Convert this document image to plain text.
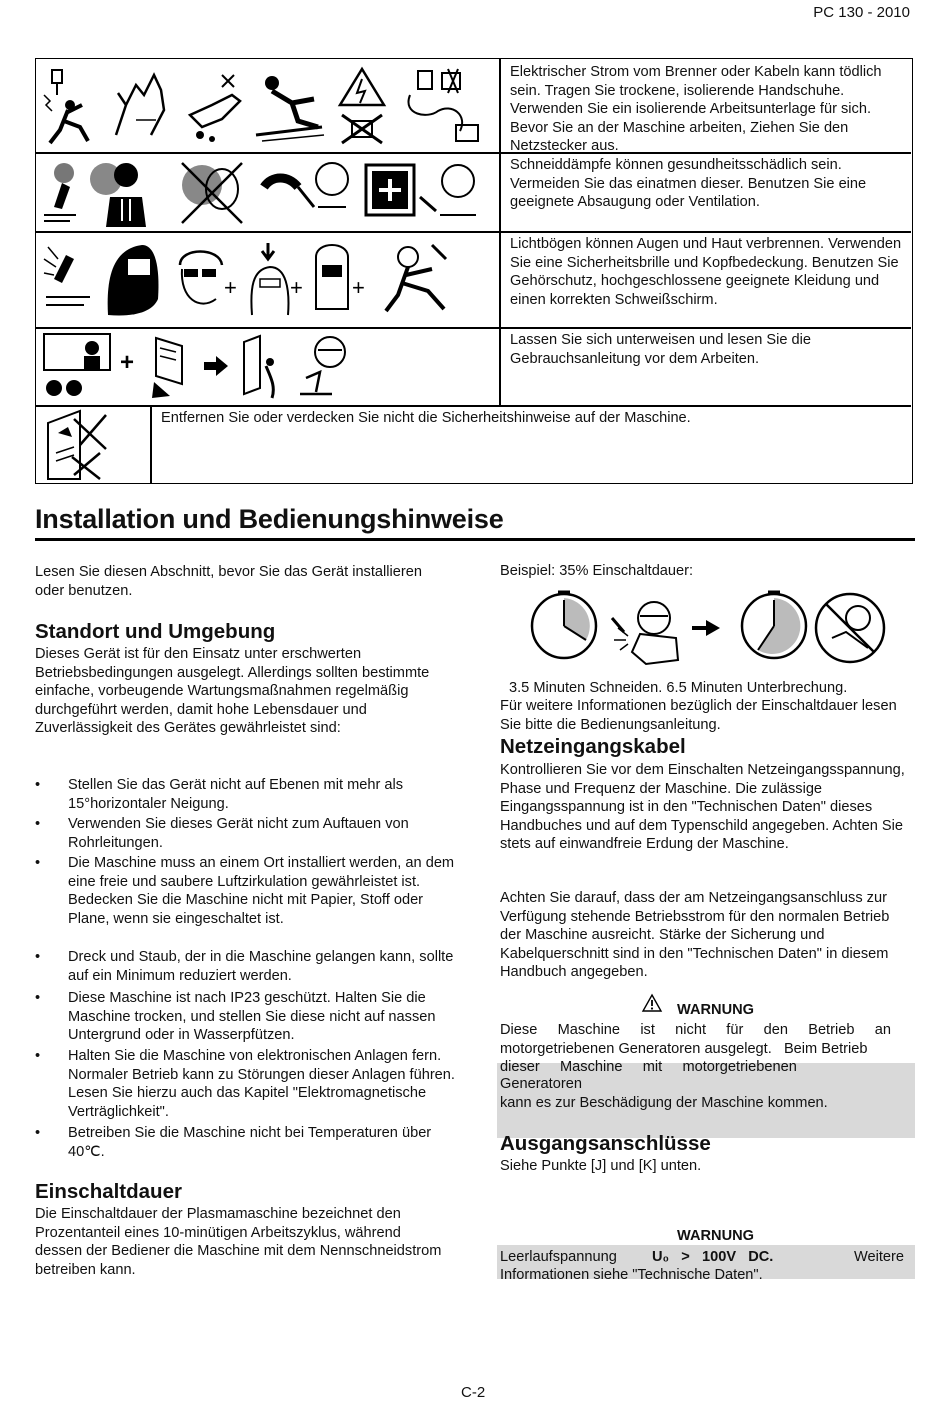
PC 130 - 2010
Elektrischer Strom vom Brenner oder Kabeln kann tödlich sein. Tragen Sie trockene, isolierende Handschuhe. Verwenden Sie ein isolierende Arbeitsunterlage für sich. Bevor Sie an der Maschine arbeiten, Ziehen Sie den Netzstecker aus.
Schneiddämpfe können gesundheitsschädlich sein. Vermeiden Sie das einatmen dieser. Benutzen Sie eine geeignete Absaugung oder Ventilation.
+ + +
Lichtbögen können Augen und Haut verbrennen. Verwenden Sie eine Sicherheitsbrille und Kopfbedeckung. Benutzen Sie Gehörschutz, hochgeschlossene geeignete Kleidung und einen korrekten Schweißschirm.
+
Lassen Sie sich unterweisen und lesen Sie die Gebrauchsanleitung vor dem Arbeiten.
Entfernen Sie oder verdecken Sie nicht die Sicherheitshinweise auf der Maschine.
Installation und Bedienungshinweise
Lesen Sie diesen Abschnitt, bevor Sie das Gerät installieren oder benutzen.
Standort und Umgebung
Dieses Gerät ist für den Einsatz unter erschwerten Betriebsbedingungen ausgelegt. Allerdings sollten bestimmte einfache, vorbeugende Wartungsmaßnahmen regelmäßig durchgeführt werden, damit hohe Lebensdauer und Zuverlässigkeit des Gerätes gewährleistet sind:
• Stellen Sie das Gerät nicht auf Ebenen mit mehr als 15°horizontaler Neigung.
• Verwenden Sie dieses Gerät nicht zum Auftauen von Rohrleitungen.
• Die Maschine muss an einem Ort installiert werden, an dem eine freie und saubere Luftzirkulation gewährleistet ist. Bedecken Sie die Maschine nicht mit Papier, Stoff oder Plane, wenn sie eingeschaltet ist.
• Dreck und Staub, der in die Maschine gelangen kann, sollte auf ein Minimum reduziert werden.
• Diese Maschine ist nach IP23 geschützt. Halten Sie die Maschine trocken, und stellen Sie diese nicht auf nassen Untergrund oder in Wasserpfützen.
• Halten Sie die Maschine von elektronischen Anlagen fern. Normaler Betrieb kann zu Störungen dieser Anlagen führen. Lesen Sie hierzu auch das Kapitel "Elektromagnetische Verträglichkeit".
• Betreiben Sie die Maschine nicht bei Temperaturen über 40℃.
Einschaltdauer
Die Einschaltdauer der Plasmamaschine bezeichnet den Prozentanteil eines 10-minütigen Arbeitszyklus, während dessen der Bediener die Maschine mit dem Nennschneidstrom betreiben kann.
Beispiel: 35% Einschaltdauer:
3.5 Minuten Schneiden. 6.5 Minuten Unterbrechung.
Für weitere Informationen bezüglich der Einschaltdauer lesen Sie bitte die Bedienungsanleitung.
Netzeingangskabel
Kontrollieren Sie vor dem Einschalten Netzeingangsspannung, Phase und Frequenz der Maschine. Die zulässige Eingangsspannung ist in den "Technischen Daten" dieses Handbuches und auf dem Typenschild angegeben. Achten Sie stets auf einwandfreie Erdung der Maschine.
Achten Sie darauf, dass der am Netzeingangsanschluss zur Verfügung stehende Betriebsstrom für den normalen Betrieb der Maschine ausreicht. Stärke der Sicherung und Kabelquerschnitt sind in den "Technischen Daten" in diesem Handbuch angegeben.
WARNUNG
Diese     Maschine     ist     nicht     für     den     Betrieb     an
motorgetriebenen Generatoren ausgelegt.   Beim Betrieb
dieser     Maschine     mit     motorgetriebenen
Generatoren
kann es zur Beschädigung der Maschine kommen.
Ausgangsanschlüsse
Siehe Punkte [J] und [K] unten.
WARNUNG
Leerlaufspannung U₀   >   100V   DC.	Weitere
Informationen siehe "Technische Daten".
C-2
